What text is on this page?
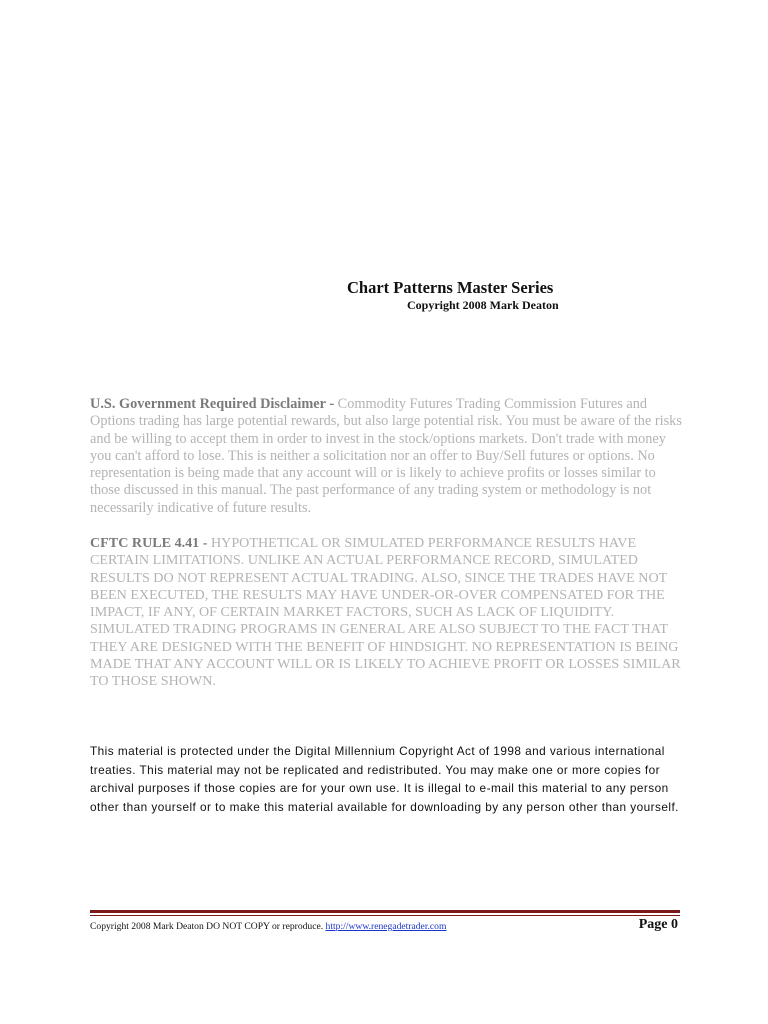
Chart Patterns Master Series
Copyright 2008 Mark Deaton
U.S. Government Required Disclaimer - Commodity Futures Trading Commission Futures and Options trading has large potential rewards, but also large potential risk. You must be aware of the risks and be willing to accept them in order to invest in the stock/options markets. Don't trade with money you can't afford to lose. This is neither a solicitation nor an offer to Buy/Sell futures or options. No representation is being made that any account will or is likely to achieve profits or losses similar to those discussed in this manual. The past performance of any trading system or methodology is not necessarily indicative of future results.
CFTC RULE 4.41 - HYPOTHETICAL OR SIMULATED PERFORMANCE RESULTS HAVE CERTAIN LIMITATIONS. UNLIKE AN ACTUAL PERFORMANCE RECORD, SIMULATED RESULTS DO NOT REPRESENT ACTUAL TRADING. ALSO, SINCE THE TRADES HAVE NOT BEEN EXECUTED, THE RESULTS MAY HAVE UNDER-OR-OVER COMPENSATED FOR THE IMPACT, IF ANY, OF CERTAIN MARKET FACTORS, SUCH AS LACK OF LIQUIDITY. SIMULATED TRADING PROGRAMS IN GENERAL ARE ALSO SUBJECT TO THE FACT THAT THEY ARE DESIGNED WITH THE BENEFIT OF HINDSIGHT. NO REPRESENTATION IS BEING MADE THAT ANY ACCOUNT WILL OR IS LIKELY TO ACHIEVE PROFIT OR LOSSES SIMILAR TO THOSE SHOWN.
This material is protected under the Digital Millennium Copyright Act of 1998 and various international treaties. This material may not be replicated and redistributed. You may make one or more copies for archival purposes if those copies are for your own use. It is illegal to e-mail this material to any person other than yourself or to make this material available for downloading by any person other than yourself.
Copyright 2008 Mark Deaton DO NOT COPY or reproduce. http://www.renegadetrader.com	Page 0
